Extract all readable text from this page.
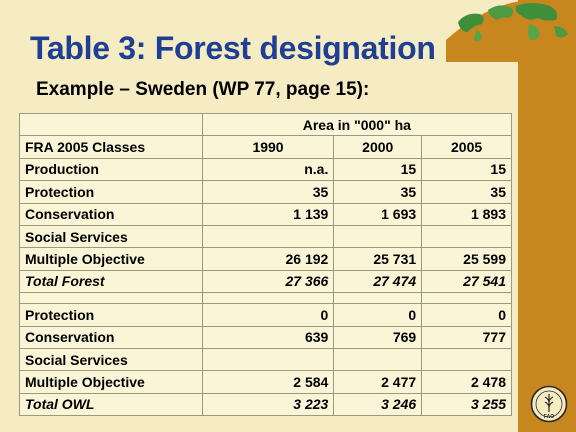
Table 3: Forest designation
Example – Sweden (WP 77, page 15):
	Area in "000" ha		
FRA 2005 Classes	1990	2000	2005
Production	n.a.	15	15
Protection	35	35	35
Conservation	1 139	1 693	1 893
Social Services			
Multiple Objective	26 192	25 731	25 599
Total Forest	27 366	27 474	27 541

Protection	0	0	0
Conservation	639	769	777
Social Services			
Multiple Objective	2 584	2 477	2 478
Total OWL	3 223	3 246	3 255
FAO
